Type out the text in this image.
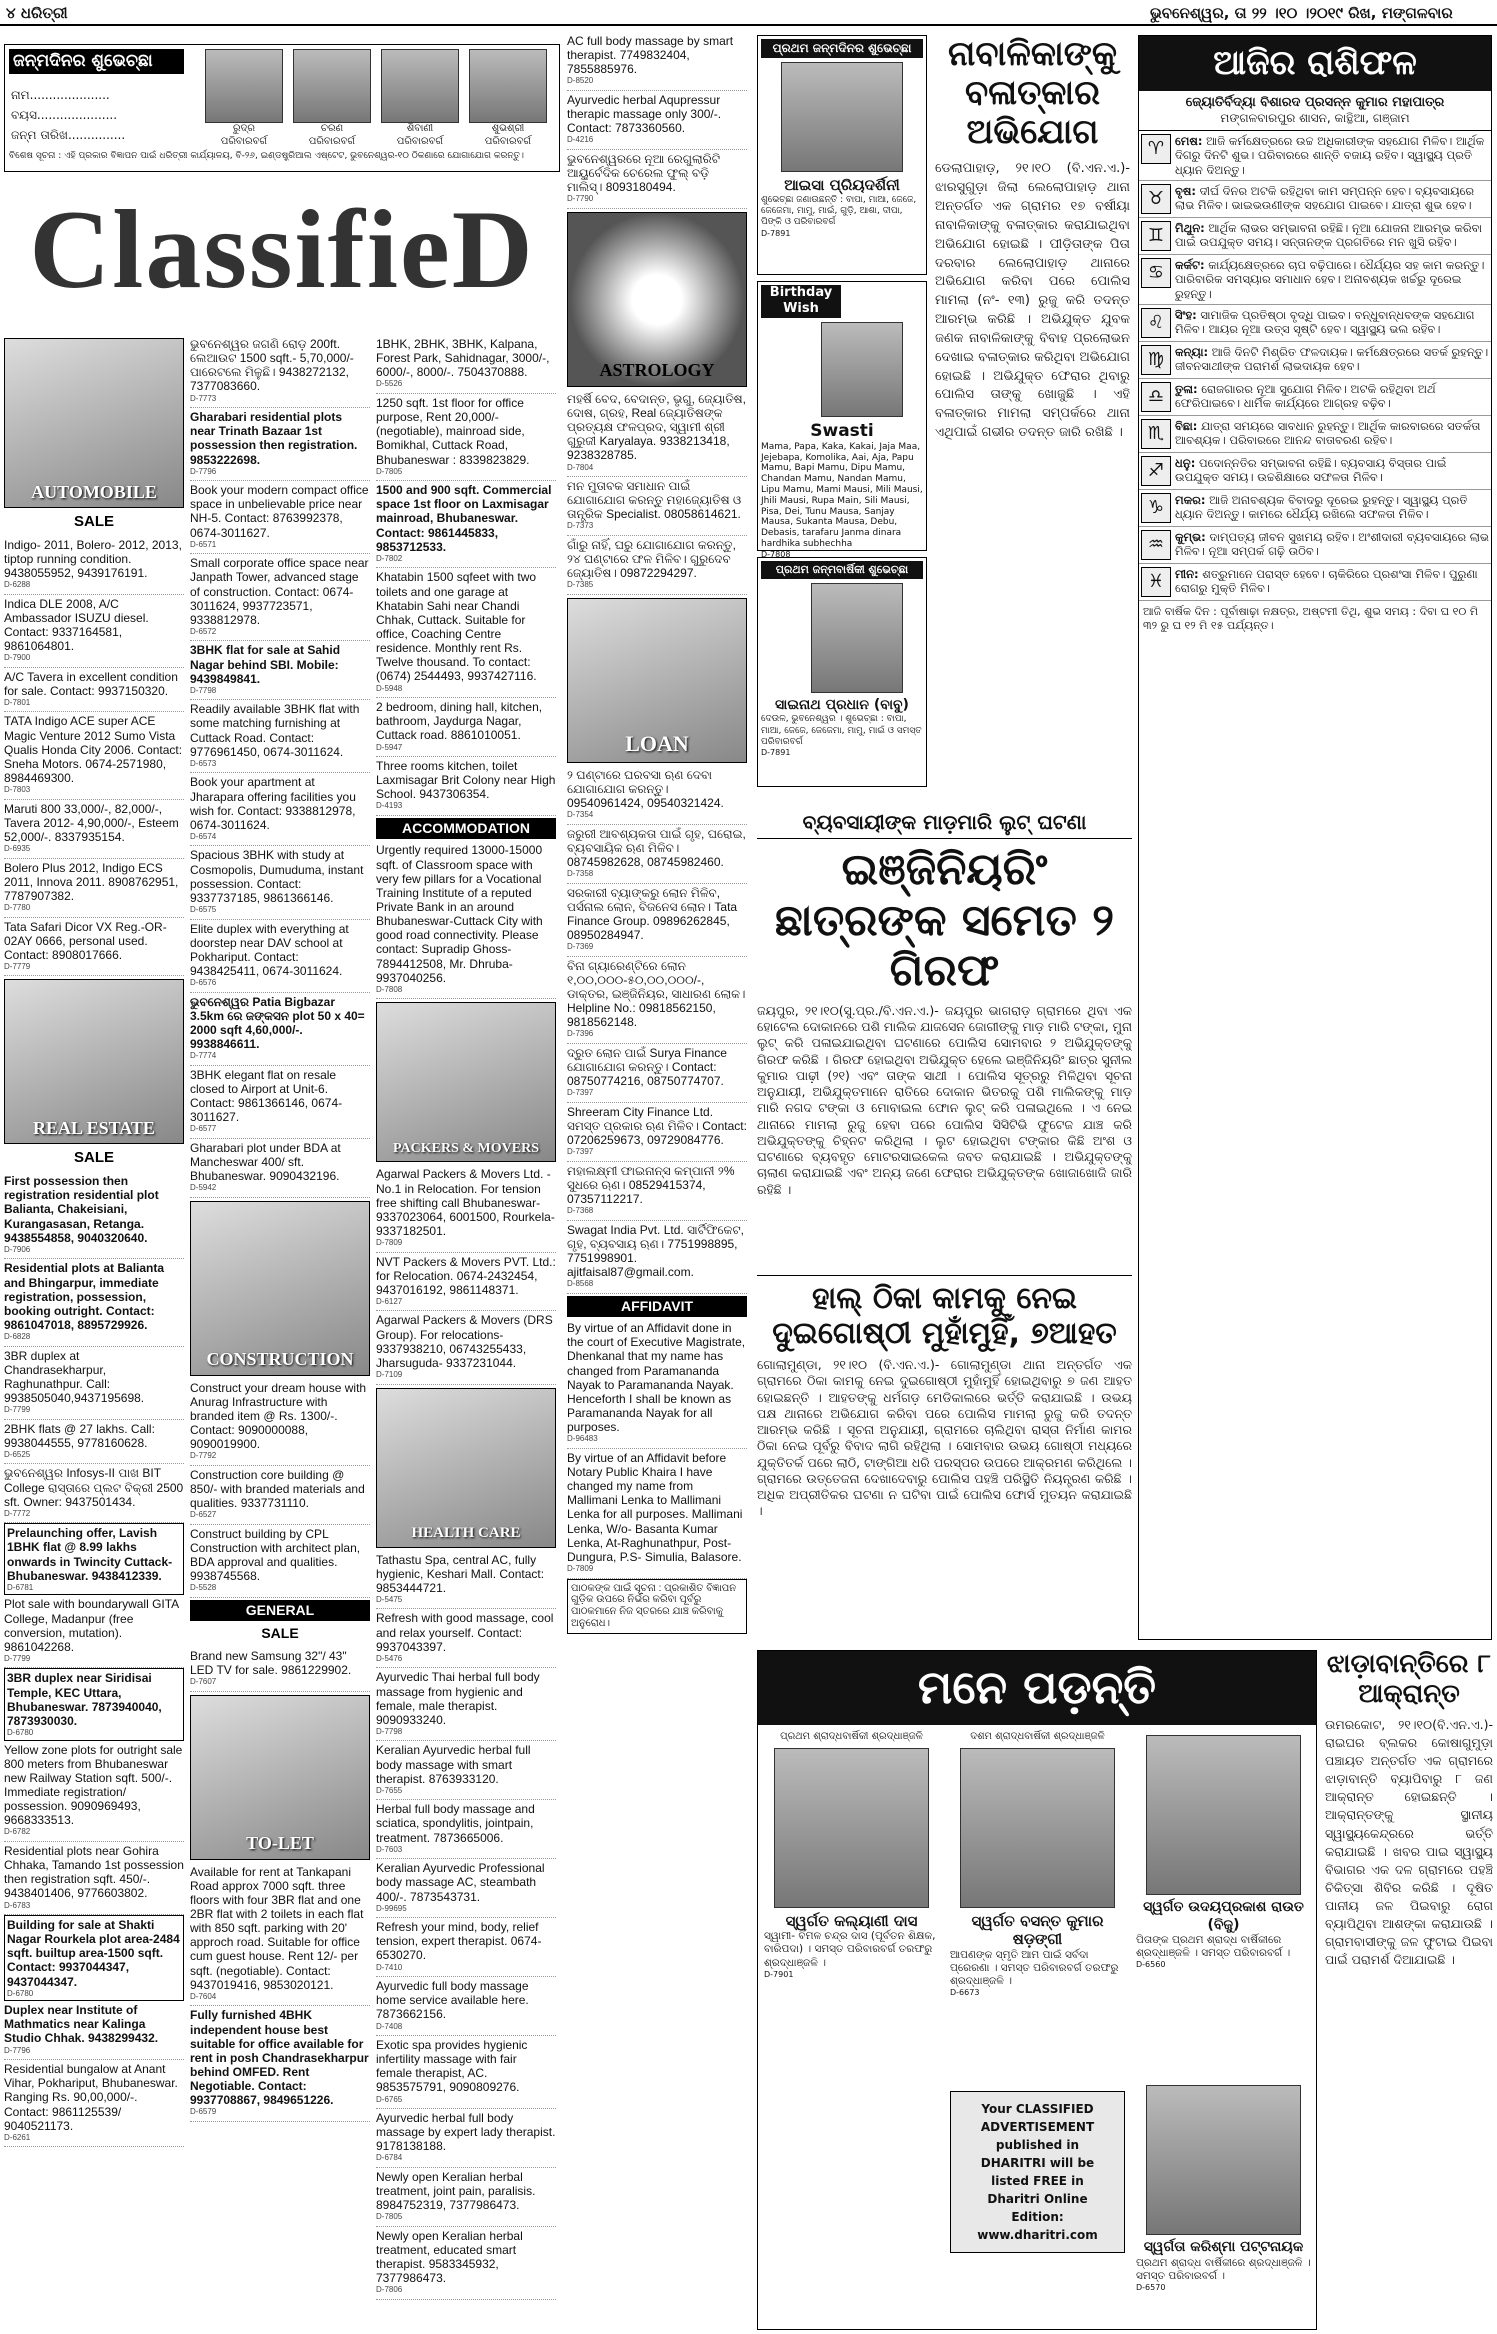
୪ ଧରିତ୍ରୀ	ଭୁବନେଶ୍ୱର, ତା ୨୨ ।୧୦ ।୨୦୧୯ ରିଖ, ମଙ୍ଗଳବାର
ଜନ୍ମଦିନର ଶୁଭେଚ୍ଛା
ନାମ.....................
ବୟସ.....................
ଜନ୍ମ ତାରିଖ...............	ରୁଦ୍ର
ପରିବାରବର୍ଗ
ଚରଣ
ପରିବାରବର୍ଗ
ଶିବାଣୀ
ପରିବାରବର୍ଗ
ଶୁଭଶ୍ରୀ
ପରିବାରବର୍ଗ
ବିଶେଷ ସୂଚନା : ଏହି ପ୍ରକାର ବିଜ୍ଞାପନ ପାଇଁ ଧରିତ୍ରୀ କାର୍ଯ୍ୟାଳୟ, ବି-୨୬, ଇଣ୍ଡଷ୍ଟ୍ରିଆଲ ଏଷ୍ଟେଟ, ଭୁବନେଶ୍ୱର-୧୦ ଠିକଣାରେ ଯୋଗାଯୋଗ କରନ୍ତୁ।
ClassifieD
AUTOMOBILE
SALE
Indigo- 2011, Bolero- 2012, 2013, tiptop running condition. 9438055952, 9439176191.
D-6288
Indica DLE 2008, A/C Ambassador ISUZU diesel. Contact: 9337164581, 9861064801.
D-7900
A/C Tavera in excellent condition for sale. Contact: 9937150320.
D-7801
TATA Indigo ACE super ACE Magic Venture 2012 Sumo Vista Qualis Honda City 2006. Contact: Sneha Motors. 0674-2571980, 8984469300.
D-7803
Maruti 800 33,000/-, 82,000/-, Tavera 2012- 4,90,000/-, Esteem 52,000/-. 8337935154.
D-6935
Bolero Plus 2012, Indigo ECS 2011, Innova 2011. 8908762951, 7787907382.
D-7780
Tata Safari Dicor VX Reg.-OR-02AY 0666, personal used. Contact: 8908017666.
D-7779
REAL ESTATE
SALE
First possession then registration residential plot Balianta, Chakeisiani, Kurangasasan, Retanga. 9438554858, 9040320640.
D-7906
Residential plots at Balianta and Bhingarpur, immediate registration, possession, booking outright. Contact: 9861047018, 8895729926.
D-6828
3BR duplex at Chandrasekharpur, Raghunathpur. Call: 9938505040,9437195698.
D-7799
2BHK flats @ 27 lakhs. Call: 9938044555, 9778160628.
D-6525
ଭୁବନେଶ୍ୱର Infosys-II ପାଖ BIT College ରାସ୍ତାରେ ପ୍ଲଟ ବିକ୍ରୀ 2500 sft. Owner: 9437501434.
D-7772
Prelaunching offer, Lavish 1BHK flat @ 8.99 lakhs onwards in Twincity Cuttack-Bhubaneswar. 9438412339.
D-6781
Plot sale with boundarywall GITA College, Madanpur (free conversion, mutation). 9861042268.
D-7799
3BR duplex near Siridisai Temple, KEC Uttara, Bhubaneswar. 7873940040, 7873930030.
D-6780
Yellow zone plots for outright sale 800 meters from Bhubaneswar new Railway Station sqft. 500/-. Immediate registration/ possession. 9090969493, 9668333513.
D-6782
Residential plots near Gohira Chhaka, Tamando 1st possession then registration sqft. 450/-. 9438401406, 9776603802.
D-6783
Building for sale at Shakti Nagar Rourkela plot area-2484 sqft. builtup area-1500 sqft. Contact: 9937044347, 9437044347.
D-6780
Duplex near Institute of Mathmatics near Kalinga Studio Chhak. 9438299432.
D-7796
Residential bungalow at Anant Vihar, Pokhariput, Bhubaneswar. Ranging Rs. 90,00,000/-. Contact: 9861125539/ 9040521173.
D-6261
ଭୁବନେଶ୍ୱର ଜଗଣି ରୋଡ଼ 200ft. ଲେଆଉଟ 1500 sqft.- 5,70,000/- ପାରେଟଲେ ମିଳୁଛି। 9438272132, 7377083660.
D-7773
Gharabari residential plots near Trinath Bazaar 1st possession then registration. 9853222698.
D-7796
Book your modern compact office space in unbelievable price near NH-5. Contact: 8763992378, 0674-3011627.
D-6571
Small corporate office space near Janpath Tower, advanced stage of construction. Contact: 0674-3011624, 9937723571, 9338812978.
D-6572
3BHK flat for sale at Sahid Nagar behind SBI. Mobile: 9439849841.
D-7798
Readily available 3BHK flat with some matching furnishing at Cuttack Road. Contact: 9776961450, 0674-3011624.
D-6573
Book your apartment at Jharapara offering facilities you wish for. Contact: 9338812978, 0674-3011624.
D-6574
Spacious 3BHK with study at Cosmopolis, Dumuduma, instant possession. Contact: 9337737185, 9861366146.
D-6575
Elite duplex with everything at doorstep near DAV school at Pokhariput. Contact: 9438425411, 0674-3011624.
D-6576
ଭୁବନେଶ୍ୱର Patia Bigbazar 3.5km ରେ ଜଙ୍କସନ plot 50 x 40= 2000 sqft 4,60,000/-. 9938846611.
D-7774
3BHK elegant flat on resale closed to Airport at Unit-6. Contact: 9861366146, 0674-3011627.
D-6577
Gharabari plot under BDA at Mancheswar 400/ sft. Bhubaneswar. 9090432196.
D-5942
CONSTRUCTION
Construct your dream house with Anurag Infrastructure with branded item @ Rs. 1300/-. Contact: 9090000088, 9090019900.
D-7792
Construction core building @ 850/- with branded materials and qualities. 9337731110.
D-6527
Construct building by CPL Construction with architect plan, BDA approval and qualities. 9938745568.
D-5528
GENERAL
SALE
Brand new Samsung 32"/ 43" LED TV for sale. 9861229902.
D-7607
TO-LET
Available for rent at Tankapani Road approx 7000 sqft. three floors with four 3BR flat and one 2BR flat with 2 toilets in each flat with 850 sqft. parking with 20' approch road. Suitable for office cum guest house. Rent 12/- per sqft. (negotiable). Contact: 9437019416, 9853020121.
D-7604
Fully furnished 4BHK independent house best suitable for office available for rent in posh Chandrasekharpur behind OMFED. Rent Negotiable. Contact: 9937708867, 9849651226.
D-6579
1BHK, 2BHK, 3BHK, Kalpana, Forest Park, Sahidnagar, 3000/-, 6000/-, 8000/-. 7504370888.
D-5526
1250 sqft. 1st floor for office purpose, Rent 20,000/-(negotiable), mainroad side, Bomikhal, Cuttack Road, Bhubaneswar : 8339823829.
D-7805
1500 and 900 sqft. Commercial space 1st floor on Laxmisagar mainroad, Bhubaneswar. Contact: 9861445833, 9853712533.
D-7802
Khatabin 1500 sqfeet with two toilets and one garage at Khatabin Sahi near Chandi Chhak, Cuttack. Suitable for office, Coaching Centre residence. Monthly rent Rs. Twelve thousand. To contact: (0674) 2544493, 9937427116.
D-5948
2 bedroom, dining hall, kitchen, bathroom, Jaydurga Nagar, Cuttack road. 8861010051.
D-5947
Three rooms kitchen, toilet Laxmisagar Brit Colony near High School. 9437306354.
D-4193
ACCOMMODATION
Urgently required 13000-15000 sqft. of Classroom space with very few pillars for a Vocational Training Institute of a reputed Private Bank in an around Bhubaneswar-Cuttack City with good road connectivity. Please contact: Supradip Ghoss- 7894412508, Mr. Dhruba- 9937040256.
D-7808
PACKERS & MOVERS
Agarwal Packers & Movers Ltd. - No.1 in Relocation. For tension free shifting call Bhubaneswar- 9337023064, 6001500, Rourkela- 9337182501.
D-7809
NVT Packers & Movers PVT. Ltd.: for Relocation. 0674-2432454, 9437016192, 9861148371.
D-6127
Agarwal Packers & Movers (DRS Group). For relocations- 9337938210, 06743255433, Jharsuguda- 9337231044.
D-7109
HEALTH CARE
Tathastu Spa, central AC, fully hygienic, Keshari Mall. Contact: 9853444721.
D-5475
Refresh with good massage, cool and relax yourself. Contact: 9937043397.
D-5476
Ayurvedic Thai herbal full body massage from hygienic and female, male therapist. 9090933240.
D-7798
Keralian Ayurvedic herbal full body massage with smart therapist. 8763933120.
D-7655
Herbal full body massage and sciatica, spondylitis, jointpain, treatment. 7873665006.
D-7603
Keralian Ayurvedic Professional body massage AC, steambath 400/-. 7873543731.
D-99695
Refresh your mind, body, relief tension, expert therapist. 0674-6530270.
D-7410
Ayurvedic full body massage home service available here. 7873662156.
D-7408
Exotic spa provides hygienic infertility massage with fair female therapist, AC. 9853575791, 9090809276.
D-6765
Ayurvedic herbal full body massage by expert lady therapist. 9178138188.
D-6784
Newly open Keralian herbal treatment, joint pain, paralisis. 8984752319, 7377986473.
D-7805
Newly open Keralian herbal treatment, educated smart therapist. 9583345932, 7377986473.
D-7806
AC full body massage by smart therapist. 7749832404, 7855885976.
D-8520
Ayurvedic herbal Aqupressur therapic massage only 300/-. Contact: 7873360560.
D-4216
ଭୁବନେଶ୍ୱରରେ ନୂଆ ରେଗୁଲାରିଟି ଆୟୁର୍ବେଦିକ ଚେରେଲ ଫୁଲ୍ ବଡ଼ି ମାଲିସ୍। 8093180494.
D-7790
ASTROLOGY
ମହର୍ଷି ବେଦ, ବେଦାନ୍ତ, ଭୃଗୁ, ଜ୍ୟୋତିଷ, ଦୋଷ, ଗ୍ରହ, Real ଜ୍ୟୋତିଷଙ୍କ ପ୍ରତ୍ୟକ୍ଷ ଫଳପ୍ରଦ, ସ୍ୱାମୀ ଶ୍ରୀ ଗୁରୁଜୀ Karyalaya. 9338213418, 9238328785.
D-7804
ମନ ମୁତାବକ ସମାଧାନ ପାଇଁ ଯୋଗାଯୋଗ କରନ୍ତୁ ମହାଜ୍ୟୋତିଷ ଓ ତାନ୍ତ୍ରିକ Specialist. 08058614621.
D-7373
ଗାଁରୁ ନାହିଁ, ଘରୁ ଯୋଗାଯୋଗ କରନ୍ତୁ, ୨୪ ଘଣ୍ଟାରେ ଫଳ ମିଳିବ। ଗୁରୁଦେବ ଜ୍ୟୋତିଷ। 09872294297.
D-7385
LOAN
୨ ଘଣ୍ଟାରେ ଘରବସା ଋଣ ଦେବା ଯୋଗାଯୋଗ କରନ୍ତୁ। 09540961424, 09540321424.
D-7354
ଜରୁରୀ ଆବଶ୍ୟକତା ପାଇଁ ଗୃହ, ଘରୋଇ, ବ୍ୟବସାୟିକ ଋଣ ମିଳିବ। 08745982628, 08745982460.
D-7358
ସରକାରୀ ବ୍ୟାଙ୍କରୁ ଲୋନ ମିଳିବ, ପର୍ସନାଲ ଲୋନ, ବିଜନେସ ଲୋନ। Tata Finance Group. 09896262845, 08950284947.
D-7369
ବିନା ଗ୍ୟାରେଣ୍ଟିରେ ଲୋନ ୧,୦୦,୦୦୦-୫୦,୦୦,୦୦୦/-, ଡାକ୍ତର, ଇଞ୍ଜିନିୟର, ସାଧାରଣ ଲୋକ। Helpline No.: 09818562150, 9818562148.
D-7396
ଦ୍ରୁତ ଲୋନ ପାଇଁ Surya Finance ଯୋଗାଯୋଗ କରନ୍ତୁ। Contact: 08750774216, 08750774707.
D-7397
Shreeram City Finance Ltd. ସମସ୍ତ ପ୍ରକାର ଋଣ ମିଳିବ। Contact: 07206259673, 09729084776.
D-7397
ମହାଲକ୍ଷ୍ମୀ ଫାଇନାନ୍ସ କମ୍ପାନୀ ୨% ସୁଧରେ ଋଣ। 08529415374, 07357112217.
D-7368
Swagat India Pvt. Ltd. ସାର୍ଟିଫିକେଟ, ଗୃହ, ବ୍ୟବସାୟ ଋଣ। 7751998895, 7751998901. ajitfaisal87@gmail.com.
D-8568
AFFIDAVIT
By virtue of an Affidavit done in the court of Executive Magistrate, Dhenkanal that my name has changed from Paramananda Nayak to Paramananda Nayak. Henceforth I shall be known as Paramananda Nayak for all purposes.
D-96483
By virtue of an Affidavit before Notary Public Khaira I have changed my name from Mallimani Lenka to Mallimani Lenka for all purposes. Mallimani Lenka, W/o- Basanta Kumar Lenka, At-Raghunathpur, Post- Dungura, P.S- Simulia, Balasore.
D-7809
ପାଠକଙ୍କ ପାଇଁ ସୂଚନା : ପ୍ରକାଶିତ ବିଜ୍ଞାପନ ଗୁଡ଼ିକ ଉପରେ ନିର୍ଭର କରିବା ପୂର୍ବରୁ ପାଠକମାନେ ନିଜ ସ୍ତରରେ ଯାଞ୍ଚ କରିବାକୁ ଅନୁରୋଧ।
ପ୍ରଥମ ଜନ୍ମଦିନର ଶୁଭେଚ୍ଛା
ଆଇସା ପ୍ରିୟଦର୍ଶିନୀ
ଶୁଭେଚ୍ଛା ଜଣାଉଛନ୍ତି : ବାପା, ମାଆ, ଜେଜେ, ଜେଜେମା, ମାମୁ, ମାଇଁ, ଗୁଡ଼ି, ଆଶା, ଦୀପା, ପିଙ୍କି ଓ ପରିବାରବର୍ଗ
D-7891
Birthday Wish
Swasti
Mama, Papa, Kaka, Kakai, Jaja Maa, Jejebapa, Komolika, Aai, Aja, Papu Mamu, Bapi Mamu, Dipu Mamu, Chandan Mamu, Nandan Mamu, Lipu Mamu, Mami Mausi, Mili Mausi, Jhili Mausi, Rupa Main, Sili Mausi, Pisa, Dei, Tunu Mausa, Sanjay Mausa, Sukanta Mausa, Debu, Debasis, tarafaru Janma dinara hardhika subhechha
D-7808
ପ୍ରଥମ ଜନ୍ମବାର୍ଷିକୀ ଶୁଭେଚ୍ଛା
ସାଇନାଥ ପ୍ରଧାନ (ବାବୁ)
ଦେଉଳ, ଭୁବନେଶ୍ୱର । ଶୁଭେଚ୍ଛା : ବାପା, ମାଆ, ଜେଜେ, ଜେଜେମା, ମାମୁ, ମାଇଁ ଓ ସମସ୍ତ ପରିବାରବର୍ଗ
D-7891
ନାବାଳିକାଙ୍କୁ ବଳାତ୍କାର ଅଭିଯୋଗ
ଡେଲାପାହାଡ଼, ୨୧।୧୦ (ବି.ଏନ.ଏ.)- ଝାରସୁଗୁଡ଼ା ଜିଲା ଲେଲୋପାହାଡ଼ ଥାନା ଅନ୍ତର୍ଗତ ଏକ ଗ୍ରାମର ୧୭ ବର୍ଷୀୟା ନାବାଳିକାଙ୍କୁ ବଳାତ୍କାର କରାଯାଇଥିବା ଅଭିଯୋଗ ହୋଇଛି । ପୀଡ଼ିତାଙ୍କ ପିତା ଦରବାର ଲେଲୋପାହାଡ଼ ଥାନାରେ ଅଭିଯୋଗ କରିବା ପରେ ପୋଲିସ ମାମଲା (ନଂ- ୧୩) ରୁଜୁ କରି ତଦନ୍ତ ଆରମ୍ଭ କରିଛି । ଅଭିଯୁକ୍ତ ଯୁବକ ଜଣକ ନାବାଳିକାଙ୍କୁ ବିବାହ ପ୍ରଲୋଭନ ଦେଖାଇ ବଳାତ୍କାର କରିଥିବା ଅଭିଯୋଗ ହୋଇଛି । ଅଭିଯୁକ୍ତ ଫେରାର ଥିବାରୁ ପୋଲିସ ତାଙ୍କୁ ଖୋଜୁଛି । ଏହି ବଳାତ୍କାର ମାମଲା ସମ୍ପର୍କରେ ଥାନା ଏଥିପାଇଁ ଗଭୀର ତଦନ୍ତ ଜାରି ରଖିଛି ।
ବ୍ୟବସାୟୀଙ୍କ ମାଡ଼ମାରି ଲୁଟ୍ ଘଟଣା
ଇଞ୍ଜିନିୟରିଂ ଛାତ୍ରଙ୍କ ସମେତ ୨ ଗିରଫ
ଜୟପୁର, ୨୧।୧୦(ସୁ.ପ୍ର./ବି.ଏନ.ଏ.)- ଜୟପୁର ଭାଗରାଡ଼ ଗ୍ରାମରେ ଥିବା ଏକ ହୋଟେଲ ଦୋକାନରେ ପଶି ମାଲିକ ଯାଜସେନ ଜୋଗୀଙ୍କୁ ମାଡ଼ ମାରି ଟଙ୍କା, ମୁନା ଲୁଟ୍ କରି ପଳାଇଯାଇଥିବା ଘଟଣାରେ ପୋଲିସ ସୋମବାର ୨ ଅଭିଯୁକ୍ତଙ୍କୁ ଗିରଫ କରିଛି । ଗିରଫ ହୋଇଥିବା ଅଭିଯୁକ୍ତ ହେଲେ ଇଞ୍ଜିନିୟରିଂ ଛାତ୍ର ସୁନୀଲ କୁମାର ପାଢ଼ୀ (୨୧) ଏବଂ ତାଙ୍କ ସାଥୀ । ପୋଲିସ ସୂତ୍ରରୁ ମିଳିଥିବା ସୂଚନା ଅନୁଯାୟୀ, ଅଭିଯୁକ୍ତମାନେ ରାତିରେ ଦୋକାନ ଭିତରକୁ ପଶି ମାଲିକଙ୍କୁ ମାଡ଼ ମାରି ନଗଦ ଟଙ୍କା ଓ ମୋବାଇଲ ଫୋନ ଲୁଟ୍ କରି ପଳାଇଥିଲେ । ଏ ନେଇ ଥାନାରେ ମାମଲା ରୁଜୁ ହେବା ପରେ ପୋଲିସ ସିସିଟିଭି ଫୁଟେଜ ଯାଞ୍ଚ କରି ଅଭିଯୁକ୍ତଙ୍କୁ ଚିହ୍ନଟ କରିଥିଲା । ଲୁଟ ହୋଇଥିବା ଟଙ୍କାର କିଛି ଅଂଶ ଓ ଘଟଣାରେ ବ୍ୟବହୃତ ମୋଟରସାଇକେଲ ଜବତ କରାଯାଇଛି । ଅଭିଯୁକ୍ତଙ୍କୁ ଚାଲାଣ କରାଯାଇଛି ଏବଂ ଅନ୍ୟ ଜଣେ ଫେରାର ଅଭିଯୁକ୍ତଙ୍କ ଖୋଜାଖୋଜି ଜାରି ରହିଛି ।
ହାଲ୍ ଠିକା କାମକୁ ନେଇ ଦୁଇଗୋଷ୍ଠୀ ମୁହାଁମୁହିଁ, ୭ଆହତ
ଗୋଲାମୁଣ୍ଡା, ୨୧।୧୦ (ବି.ଏନ.ଏ.)- ଗୋଲାମୁଣ୍ଡା ଥାନା ଅନ୍ତର୍ଗତ ଏକ ଗ୍ରାମରେ ଠିକା କାମକୁ ନେଇ ଦୁଇଗୋଷ୍ଠୀ ମୁହାଁମୁହିଁ ହୋଇଥିବାରୁ ୭ ଜଣ ଆହତ ହୋଇଛନ୍ତି । ଆହତଙ୍କୁ ଧର୍ମଗଡ଼ ମେଡିକାଲରେ ଭର୍ତ୍ତି କରାଯାଇଛି । ଉଭୟ ପକ୍ଷ ଥାନାରେ ଅଭିଯୋଗ କରିବା ପରେ ପୋଲିସ ମାମଲା ରୁଜୁ କରି ତଦନ୍ତ ଆରମ୍ଭ କରିଛି । ସୂଚନା ଅନୁଯାୟୀ, ଗ୍ରାମରେ ଚାଲିଥିବା ରାସ୍ତା ନିର୍ମାଣ କାମର ଠିକା ନେଇ ପୂର୍ବରୁ ବିବାଦ ଲାଗି ରହିଥିଲା । ସୋମବାର ଉଭୟ ଗୋଷ୍ଠୀ ମଧ୍ୟରେ ଯୁକ୍ତିତର୍କ ପରେ ଲାଠି, ଟାଙ୍ଗିଆ ଧରି ପରସ୍ପର ଉପରେ ଆକ୍ରମଣ କରିଥିଲେ । ଗ୍ରାମରେ ଉତ୍ତେଜନା ଦେଖାଦେବାରୁ ପୋଲିସ ପହଞ୍ଚି ପରିସ୍ଥିତି ନିୟନ୍ତ୍ରଣ କରିଛି । ଅଧିକ ଅପ୍ରୀତିକର ଘଟଣା ନ ଘଟିବା ପାଇଁ ପୋଲିସ ଫୋର୍ସ ମୁତୟନ କରାଯାଇଛି ।
ଆଜିର ରାଶିଫଳ
ଜ୍ୟୋତିର୍ବିଦ୍ୟା ବିଶାରଦ ପ୍ରସନ୍ନ କୁମାର ମହାପାତ୍ର
ମଙ୍ଗଳବାରପୁର ଶାସନ, କାନ୍ଥିଆ, ଗଞ୍ଜାମ
♈ ମେଷ: ଆଜି କର୍ମକ୍ଷେତ୍ରରେ ଉଚ୍ଚ ଅଧିକାରୀଙ୍କ ସହଯୋଗ ମିଳିବ। ଆର୍ଥିକ ଦିଗରୁ ଦିନଟି ଶୁଭ। ପରିବାରରେ ଶାନ୍ତି ବଜାୟ ରହିବ। ସ୍ୱାସ୍ଥ୍ୟ ପ୍ରତି ଧ୍ୟାନ ଦିଅନ୍ତୁ।
♉ ବୃଷ: ଦୀର୍ଘ ଦିନର ଅଟକି ରହିଥିବା କାମ ସମ୍ପନ୍ନ ହେବ। ବ୍ୟବସାୟରେ ଲାଭ ମିଳିବ। ଭାଇଭଉଣୀଙ୍କ ସହଯୋଗ ପାଇବେ। ଯାତ୍ରା ଶୁଭ ହେବ।
♊ ମିଥୁନ: ଆର୍ଥିକ ଲାଭର ସମ୍ଭାବନା ରହିଛି। ନୂଆ ଯୋଜନା ଆରମ୍ଭ କରିବା ପାଇଁ ଉପଯୁକ୍ତ ସମୟ। ସନ୍ତାନଙ୍କ ପ୍ରଗତିରେ ମନ ଖୁସି ରହିବ।
♋ କର୍କଟ: କାର୍ଯ୍ୟକ୍ଷେତ୍ରରେ ଚାପ ବଢ଼ିପାରେ। ଧୈର୍ଯ୍ୟର ସହ କାମ କରନ୍ତୁ। ପାରିବାରିକ ସମସ୍ୟାର ସମାଧାନ ହେବ। ଅନାବଶ୍ୟକ ଖର୍ଚ୍ଚରୁ ଦୂରେଇ ରୁହନ୍ତୁ।
♌ ସିଂହ: ସାମାଜିକ ପ୍ରତିଷ୍ଠା ବୃଦ୍ଧି ପାଇବ। ବନ୍ଧୁବାନ୍ଧବଙ୍କ ସହଯୋଗ ମିଳିବ। ଆୟର ନୂଆ ଉତ୍ସ ସୃଷ୍ଟି ହେବ। ସ୍ୱାସ୍ଥ୍ୟ ଭଲ ରହିବ।
♍ କନ୍ୟା: ଆଜି ଦିନଟି ମିଶ୍ରିତ ଫଳଦାୟକ। କର୍ମକ୍ଷେତ୍ରରେ ସତର୍କ ରୁହନ୍ତୁ। ଜୀବନସାଥୀଙ୍କ ପରାମର୍ଶ ଲାଭଦାୟକ ହେବ।
♎ ତୁଳା: ରୋଜଗାରର ନୂଆ ସୁଯୋଗ ମିଳିବ। ଅଟକି ରହିଥିବା ଅର୍ଥ ଫେରିପାଇବେ। ଧାର୍ମିକ କାର୍ଯ୍ୟରେ ଆଗ୍ରହ ବଢ଼ିବ।
♏ ବିଛା: ଯାତ୍ରା ସମୟରେ ସାବଧାନ ରୁହନ୍ତୁ। ଆର୍ଥିକ କାରବାରରେ ସତର୍କତା ଆବଶ୍ୟକ। ପରିବାରରେ ଆନନ୍ଦ ବାତାବରଣ ରହିବ।
♐ ଧନୁ: ପଦୋନ୍ନତିର ସମ୍ଭାବନା ରହିଛି। ବ୍ୟବସାୟ ବିସ୍ତାର ପାଇଁ ଉପଯୁକ୍ତ ସମୟ। ଉଚ୍ଚଶିକ୍ଷାରେ ସଫଳତା ମିଳିବ।
♑ ମକର: ଆଜି ଅନାବଶ୍ୟକ ବିବାଦରୁ ଦୂରେଇ ରୁହନ୍ତୁ। ସ୍ୱାସ୍ଥ୍ୟ ପ୍ରତି ଧ୍ୟାନ ଦିଅନ୍ତୁ। କାମରେ ଧୈର୍ଯ୍ୟ ରଖିଲେ ସଫଳତା ମିଳିବ।
♒ କୁମ୍ଭ: ଦାମ୍ପତ୍ୟ ଜୀବନ ସୁଖମୟ ରହିବ। ଅଂଶୀଦାରୀ ବ୍ୟବସାୟରେ ଲାଭ ମିଳିବ। ନୂଆ ସମ୍ପର୍କ ଗଢ଼ି ଉଠିବ।
♓ ମୀନ: ଶତ୍ରୁମାନେ ପରାସ୍ତ ହେବେ। ଚାକିରିରେ ପ୍ରଶଂସା ମିଳିବ। ପୁରୁଣା ରୋଗରୁ ମୁକ୍ତି ମିଳିବ।
ଆଜି ବାର୍ଷିକ ଦିନ : ପୂର୍ବାଷାଢ଼ା ନକ୍ଷତ୍ର, ଅଷ୍ଟମୀ ତିଥି, ଶୁଭ ସମୟ : ଦିବା ଘ ୧୦ ମି ୩୨ ରୁ ଘ ୧୨ ମି ୧୫ ପର୍ଯ୍ୟନ୍ତ।
ମନେ ପଡ଼ନ୍ତି
ପ୍ରଥମ ଶ୍ରାଦ୍ଧବାର୍ଷିକୀ ଶ୍ରଦ୍ଧାଞ୍ଜଳି
ସ୍ୱର୍ଗତ କଲ୍ୟାଣୀ ଦାସ
ସ୍ୱାମୀ- ବିମଳ ଚନ୍ଦ୍ର ଦାସ (ପୂର୍ବତନ ଶିକ୍ଷକ, ବାରିପଦା) । ସମସ୍ତ ପରିବାରବର୍ଗ ତରଫରୁ ଶ୍ରଦ୍ଧାଞ୍ଜଳି ।
D-7901
ଦଶମ ଶ୍ରାଦ୍ଧବାର୍ଷିକୀ ଶ୍ରଦ୍ଧାଞ୍ଜଳି
ସ୍ୱର୍ଗତ ବସନ୍ତ କୁମାର ଷଡ଼ଙ୍ଗୀ
ଆପଣଙ୍କ ସ୍ମୃତି ଆମ ପାଇଁ ସର୍ବଦା ପ୍ରେରଣା । ସମସ୍ତ ପରିବାରବର୍ଗ ତରଫରୁ ଶ୍ରଦ୍ଧାଞ୍ଜଳି ।
D-6673
ସ୍ୱର୍ଗତ ଉଦୟପ୍ରକାଶ ରାଉତ (ବିଜୁ)
ପିତାଙ୍କ ପ୍ରଥମ ଶ୍ରାଦ୍ଧ ବାର୍ଷିକୀରେ ଶ୍ରଦ୍ଧାଞ୍ଜଳି । ସମସ୍ତ ପରିବାରବର୍ଗ ।
D-6560
Your CLASSIFIED
ADVERTISEMENT
published in
DHARITRI will be
listed FREE in
Dharitri Online
Edition:
www.dharitri.com
ସ୍ୱର୍ଗତା କରିଶ୍ମା ପଟ୍ଟନାୟକ
ପ୍ରଥମ ଶ୍ରାଦ୍ଧ ବାର୍ଷିକୀରେ ଶ୍ରଦ୍ଧାଞ୍ଜଳି । ସମସ୍ତ ପରିବାରବର୍ଗ ।
D-6570
ଝାଡ଼ାବାନ୍ତିରେ ୮ ଆକ୍ରାନ୍ତ
ଉମରକୋଟ, ୨୧।୧୦(ବି.ଏନ.ଏ.)- ରାଇଘର ବ୍ଲକର କୋଷାଗୁମୁଡ଼ା ପଞ୍ଚାୟତ ଅନ୍ତର୍ଗତ ଏକ ଗ୍ରାମରେ ଝାଡ଼ାବାନ୍ତି ବ୍ୟାପିବାରୁ ୮ ଜଣ ଆକ୍ରାନ୍ତ ହୋଇଛନ୍ତି । ଆକ୍ରାନ୍ତଙ୍କୁ ସ୍ଥାନୀୟ ସ୍ୱାସ୍ଥ୍ୟକେନ୍ଦ୍ରରେ ଭର୍ତ୍ତି କରାଯାଇଛି । ଖବର ପାଇ ସ୍ୱାସ୍ଥ୍ୟ ବିଭାଗର ଏକ ଦଳ ଗ୍ରାମରେ ପହଞ୍ଚି ଚିକିତ୍ସା ଶିବିର କରିଛି । ଦୂଷିତ ପାନୀୟ ଜଳ ପିଇବାରୁ ରୋଗ ବ୍ୟାପିଥିବା ଆଶଙ୍କା କରାଯାଉଛି । ଗ୍ରାମବାସୀଙ୍କୁ ଜଳ ଫୁଟାଇ ପିଇବା ପାଇଁ ପରାମର୍ଶ ଦିଆଯାଇଛି ।
